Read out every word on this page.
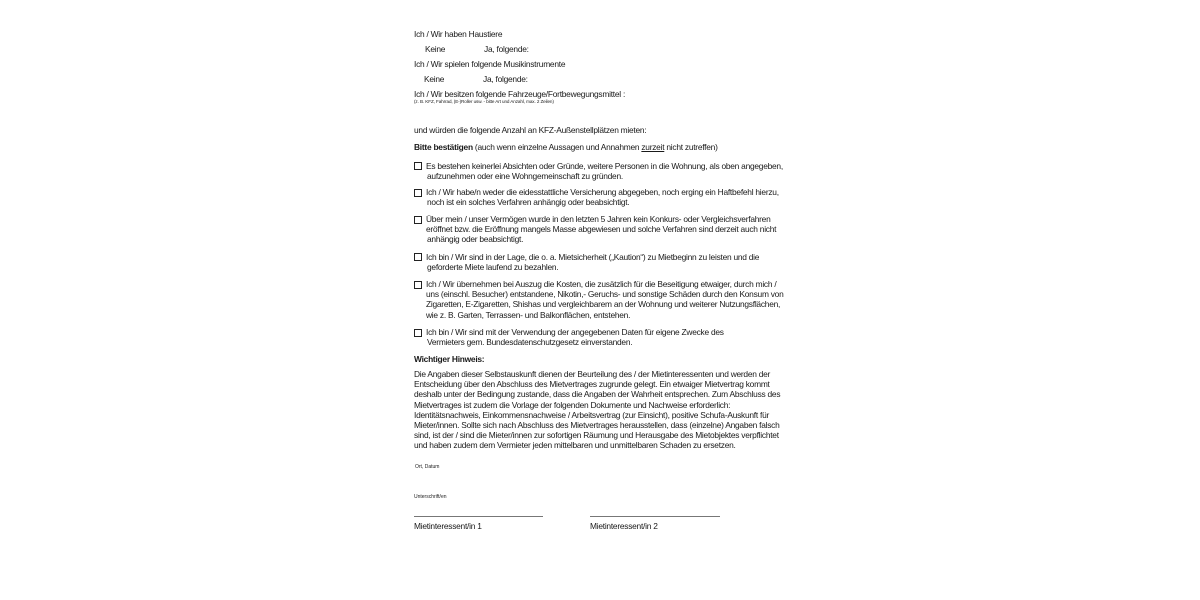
Ich / Wir haben Haustiere
Keine	Ja, folgende:
Ich / Wir spielen folgende Musikinstrumente
Keine	Ja, folgende:
Ich / Wir besitzen folgende Fahrzeuge/Fortbewegungsmittel :
(z. B. KFZ, Fahrrad, (E-)Roller usw. - bitte Art und Anzahl, max. 2 Zeilen)
und würden die folgende Anzahl an KFZ-Außenstellplätzen mieten:
Bitte bestätigen (auch wenn einzelne Aussagen und Annahmen zurzeit nicht zutreffen)
Es bestehen keinerlei Absichten oder Gründe, weitere Personen in die Wohnung, als oben angegeben,
aufzunehmen oder eine Wohngemeinschaft zu gründen.
Ich / Wir habe/n weder die eidesstattliche Versicherung abgegeben, noch erging ein Haftbefehl hierzu,
noch ist ein solches Verfahren anhängig oder beabsichtigt.
Über mein / unser Vermögen wurde in den letzten 5 Jahren kein Konkurs- oder Vergleichsverfahren
eröffnet bzw. die Eröffnung mangels Masse abgewiesen und solche Verfahren sind derzeit auch nicht
anhängig oder beabsichtigt.
Ich bin / Wir sind in der Lage, die o. a. Mietsicherheit („Kaution“) zu Mietbeginn zu leisten und die
geforderte Miete laufend zu bezahlen.
Ich / Wir übernehmen bei Auszug die Kosten, die zusätzlich für die Beseitigung etwaiger, durch mich /
uns (einschl. Besucher) entstandene, Nikotin,- Geruchs- und sonstige Schäden durch den Konsum von
Zigaretten, E-Zigaretten, Shishas und vergleichbarem an der Wohnung und weiterer Nutzungsflächen,
wie z. B. Garten, Terrassen- und Balkonflächen, entstehen.
Ich bin / Wir sind mit der Verwendung der angegebenen Daten für eigene Zwecke des
Vermieters gem. Bundesdatenschutzgesetz einverstanden.
Wichtiger Hinweis:
Die Angaben dieser Selbstauskunft dienen der Beurteilung des / der Mietinteressenten und werden der
Entscheidung über den Abschluss des Mietvertrages zugrunde gelegt. Ein etwaiger Mietvertrag kommt
deshalb unter der Bedingung zustande, dass die Angaben der Wahrheit entsprechen. Zum Abschluss des
Mietvertrages ist zudem die Vorlage der folgenden Dokumente und Nachweise erforderlich:
Identitätsnachweis, Einkommensnachweise / Arbeitsvertrag (zur Einsicht), positive Schufa-Auskunft für
Mieter/innen. Sollte sich nach Abschluss des Mietvertrages herausstellen, dass (einzelne) Angaben falsch
sind, ist der / sind die Mieter/innen zur sofortigen Räumung und Herausgabe des Mietobjektes verpflichtet
und haben zudem dem Vermieter jeden mittelbaren und unmittelbaren Schaden zu ersetzen.
Ort, Datum
Unterschrift/en
Mietinteressent/in 1	Mietinteressent/in 2
